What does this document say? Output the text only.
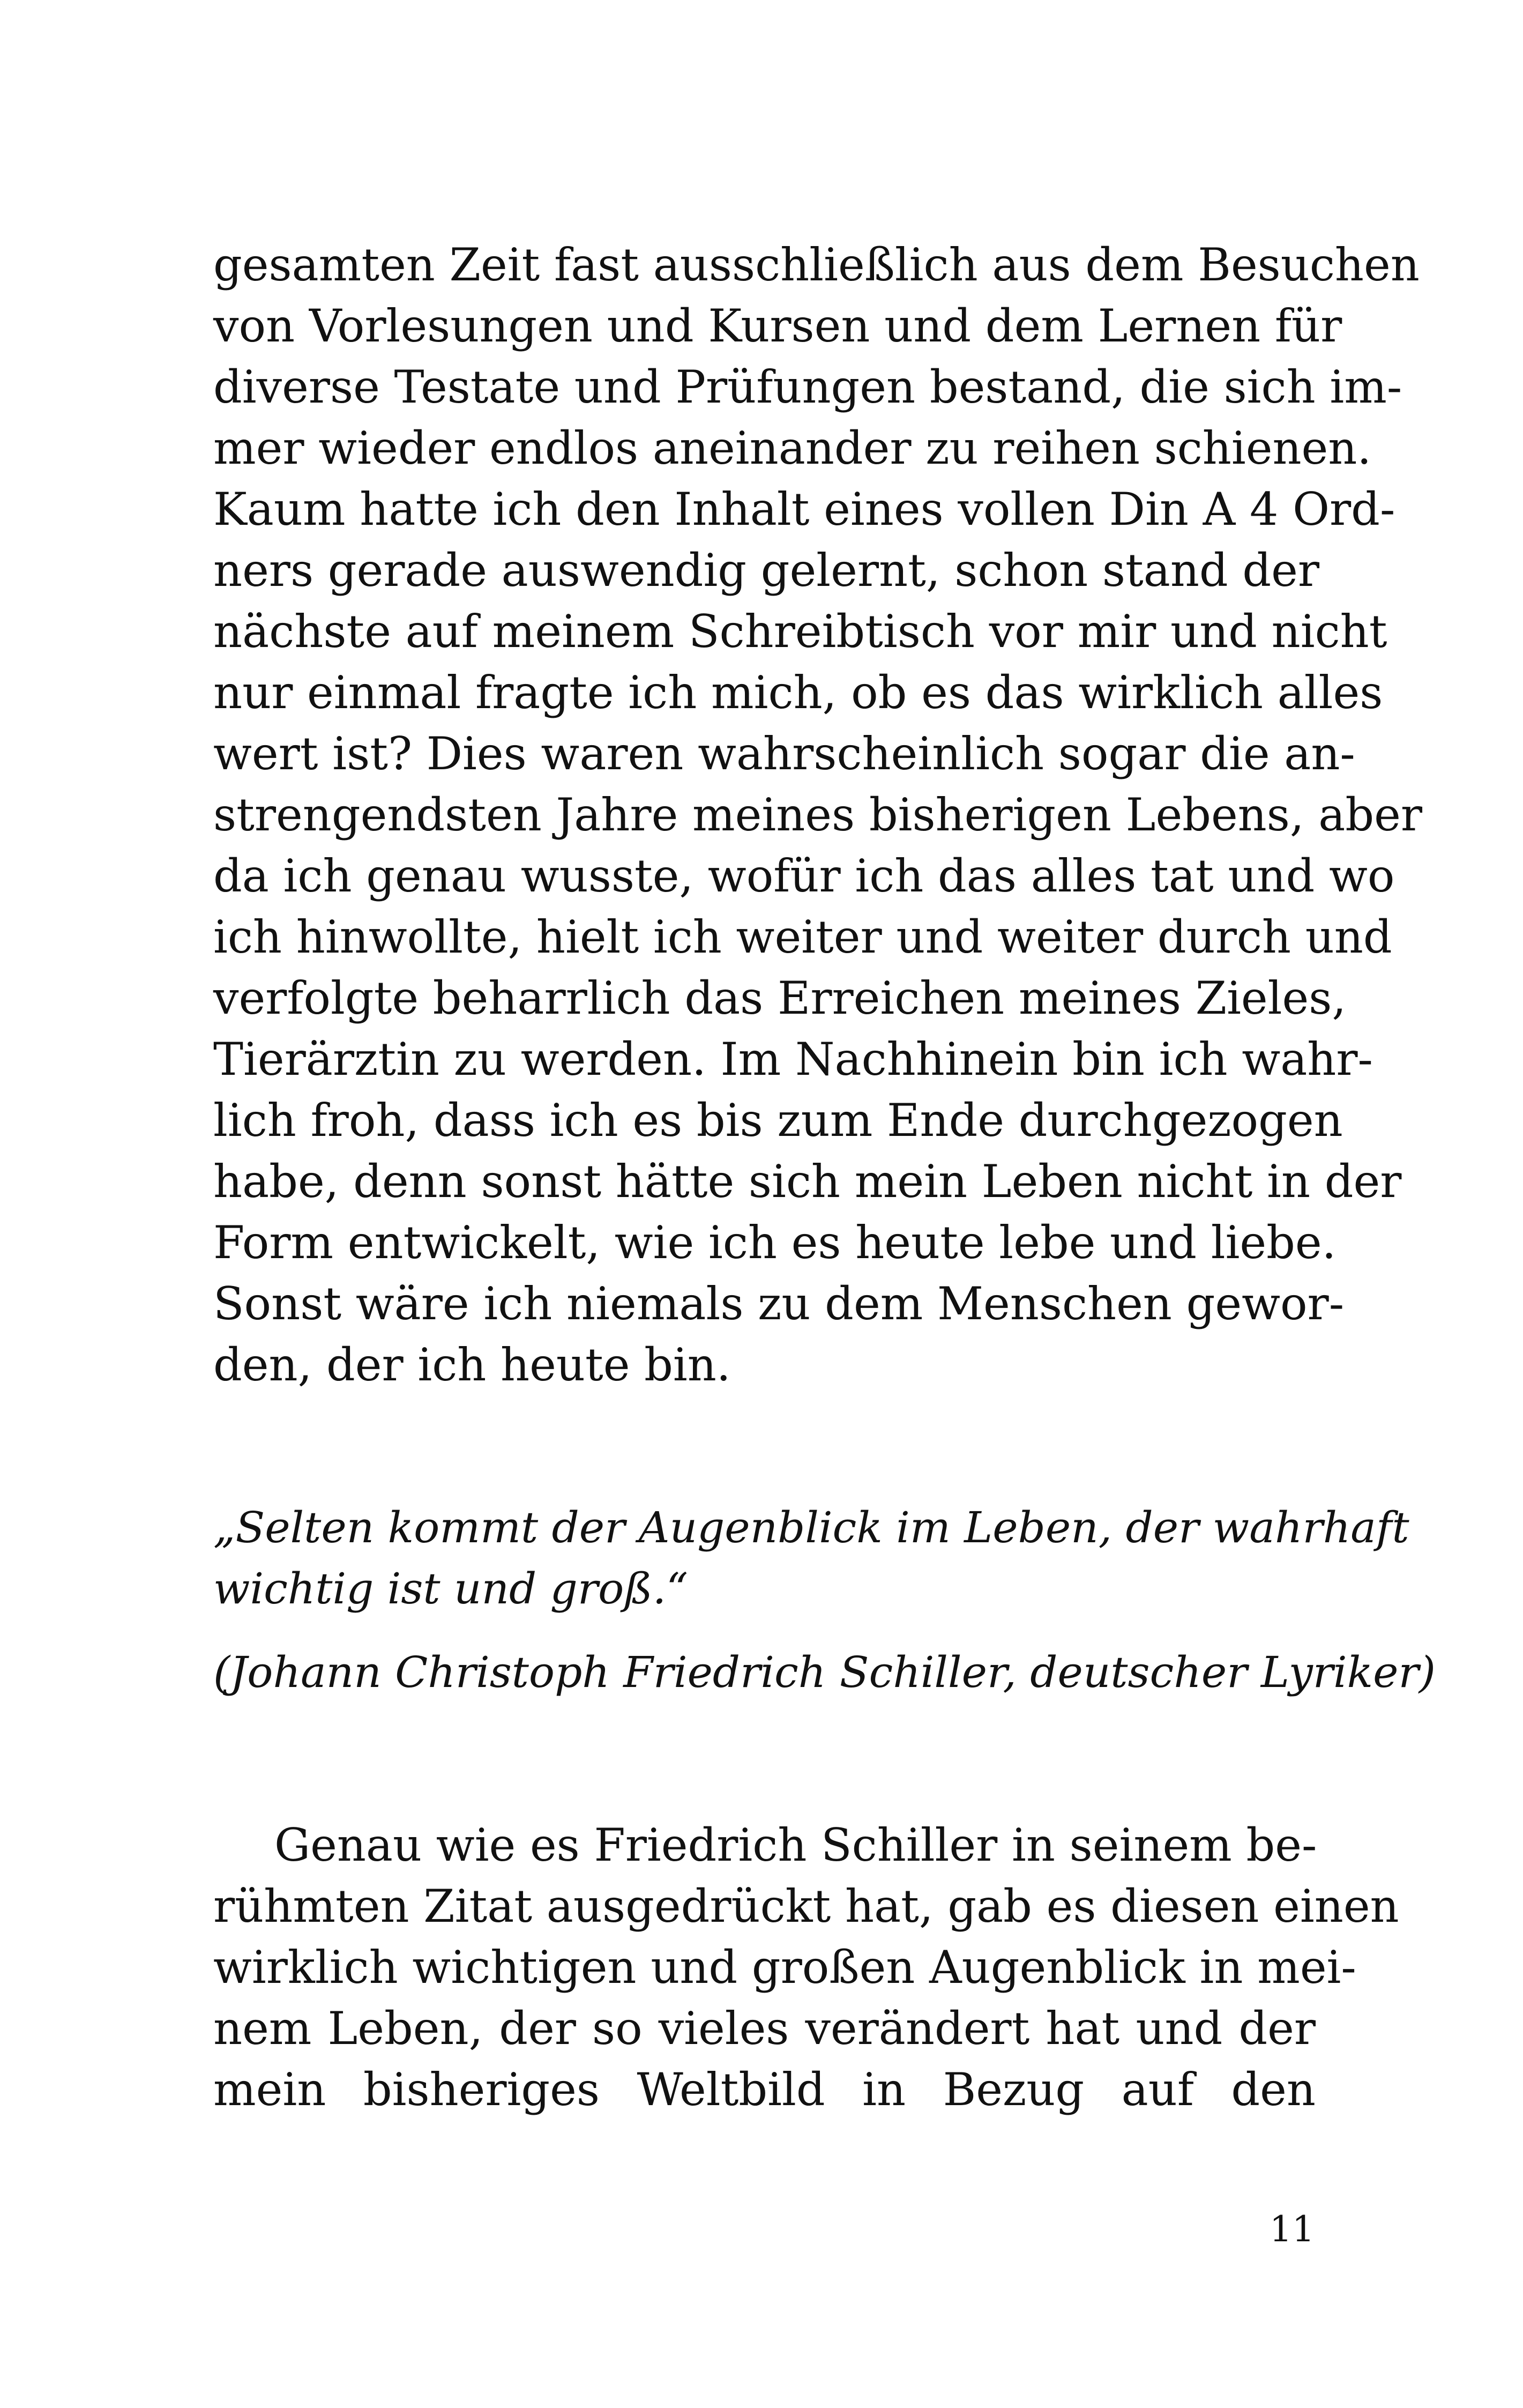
gesamten Zeit fast ausschließlich aus dem Besuchen
von Vorlesungen und Kursen und dem Lernen für
diverse Testate und Prüfungen bestand, die sich im-
mer wieder endlos aneinander zu reihen schienen.
Kaum hatte ich den Inhalt eines vollen Din A 4 Ord-
ners gerade auswendig gelernt, schon stand der
nächste auf meinem Schreibtisch vor mir und nicht
nur einmal fragte ich mich, ob es das wirklich alles
wert ist? Dies waren wahrscheinlich sogar die an-
strengendsten Jahre meines bisherigen Lebens, aber
da ich genau wusste, wofür ich das alles tat und wo
ich hinwollte, hielt ich weiter und weiter durch und
verfolgte beharrlich das Erreichen meines Zieles,
Tierärztin zu werden. Im Nachhinein bin ich wahr-
lich froh, dass ich es bis zum Ende durchgezogen
habe, denn sonst hätte sich mein Leben nicht in der
Form entwickelt, wie ich es heute lebe und liebe.
Sonst wäre ich niemals zu dem Menschen gewor-
den, der ich heute bin.
„Selten kommt der Augenblick im Leben, der wahrhaft
wichtig ist und groß.“
(Johann Christoph Friedrich Schiller, deutscher Lyriker)
Genau wie es Friedrich Schiller in seinem be-
rühmten Zitat ausgedrückt hat, gab es diesen einen
wirklich wichtigen und großen Augenblick in mei-
nem Leben, der so vieles verändert hat und der
mein bisheriges Weltbild in Bezug auf den
11
